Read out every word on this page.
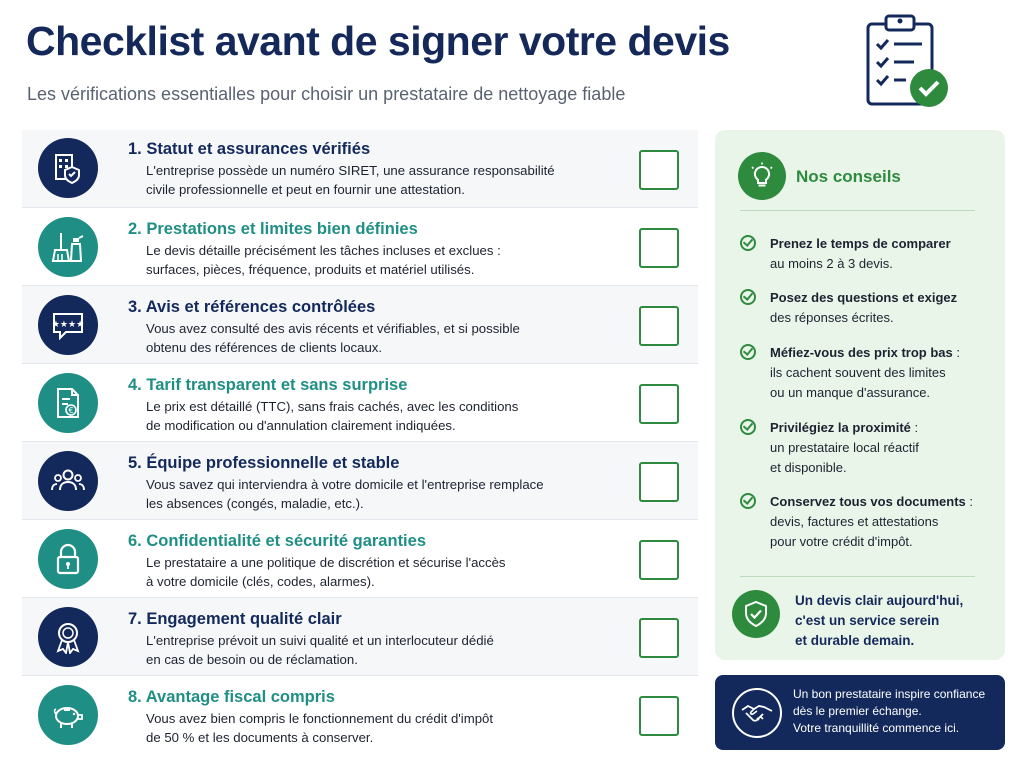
Checklist avant de signer votre devis
Les vérifications essentialles pour choisir un prestataire de nettoyage fiable
1. Statut et assurances vérifiés
L'entreprise possède un numéro SIRET, une assurance responsabilité
civile professionnelle et peut en fournir une attestation.
2. Prestations et limites bien définies
Le devis détaille précisément les tâches incluses et exclues :
surfaces, pièces, fréquence, produits et matériel utilisés.
★★★★
3. Avis et références contrôlées
Vous avez consulté des avis récents et vérifiables, et si possible
obtenu des références de clients locaux.
€
4. Tarif transparent et sans surprise
Le prix est détaillé (TTC), sans frais cachés, avec les conditions
de modification ou d'annulation clairement indiquées.
5. Équipe professionnelle et stable
Vous savez qui interviendra à votre domicile et l'entreprise remplace
les absences (congés, maladie, etc.).
6. Confidentialité et sécurité garanties
Le prestataire a une politique de discrétion et sécurise l'accès
à votre domicile (clés, codes, alarmes).
7. Engagement qualité clair
L'entreprise prévoit un suivi qualité et un interlocuteur dédié
en cas de besoin ou de réclamation.
8. Avantage fiscal compris
Vous avez bien compris le fonctionnement du crédit d'impôt
de 50 % et les documents à conserver.
Nos conseils
Prenez le temps de comparer
au moins 2 à 3 devis.
Posez des questions et exigez
des réponses écrites.
Méfiez-vous des prix trop bas :
ils cachent souvent des limites
ou un manque d'assurance.
Privilégiez la proximité :
un prestataire local réactif
et disponible.
Conservez tous vos documents :
devis, factures et attestations
pour votre crédit d'impôt.
Un devis clair aujourd'hui,
c'est un service serein
et durable demain.
Un bon prestataire inspire confiance
dès le premier échange.
Votre tranquillité commence ici.
